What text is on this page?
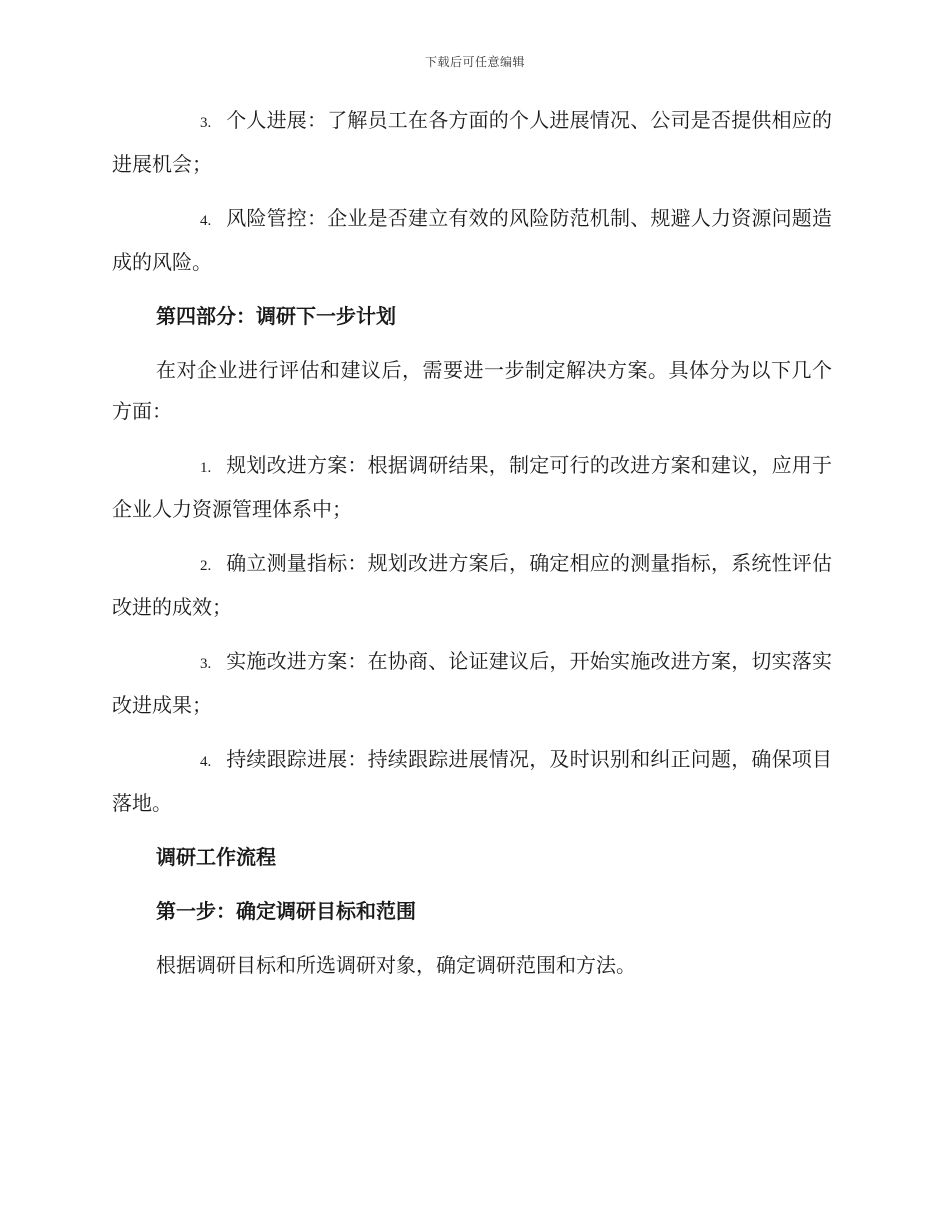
下载后可任意编辑

3. 个人进展：了解员工在各方面的个人进展情况、公司是否提供相应的进展机会；

4. 风险管控：企业是否建立有效的风险防范机制、规避人力资源问题造成的风险。

第四部分：调研下一步计划

在对企业进行评估和建议后，需要进一步制定解决方案。具体分为以下几个方面：

1. 规划改进方案：根据调研结果，制定可行的改进方案和建议，应用于企业人力资源管理体系中；

2. 确立测量指标：规划改进方案后，确定相应的测量指标，系统性评估改进的成效；

3. 实施改进方案：在协商、论证建议后，开始实施改进方案，切实落实改进成果；

4. 持续跟踪进展：持续跟踪进展情况，及时识别和纠正问题，确保项目落地。

调研工作流程

第一步：确定调研目标和范围

根据调研目标和所选调研对象，确定调研范围和方法。
